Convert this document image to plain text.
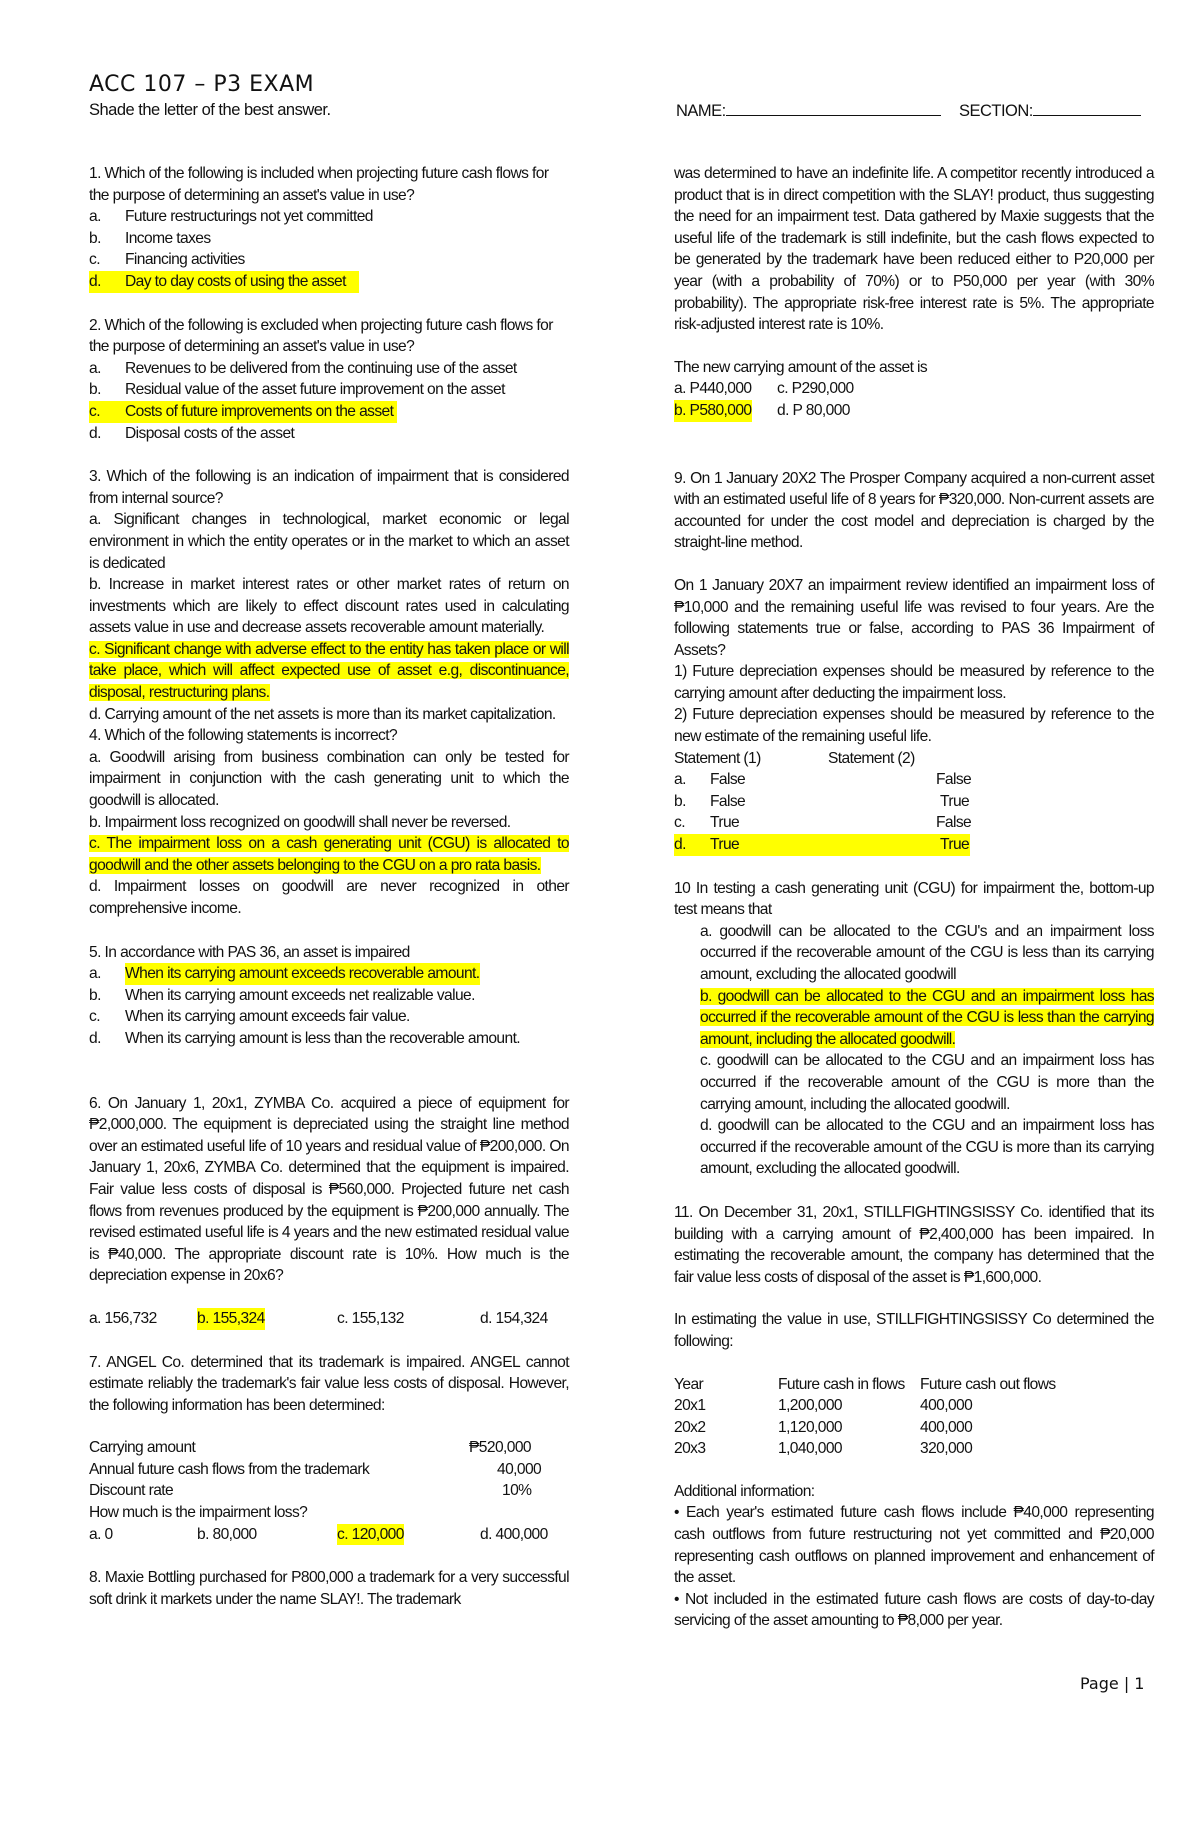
ACC 107 – P3 EXAM
Shade the letter of the best answer.	NAME:	SECTION:

1. Which of the following is included when projecting future cash flows for the purpose of determining an asset's value in use?

a.	Future restructurings not yet committed
b.	Income taxes
c.	Financing activities
d.	Day to day costs of using the asset

2. Which of the following is excluded when projecting future cash flows for the purpose of determining an asset's value in use?

a.	Revenues to be delivered from the continuing use of the asset
b.	Residual value of the asset future improvement on the asset
c.	Costs of future improvements on the asset
d.	Disposal costs of the asset

3. Which of the following is an indication of impairment that is considered from internal source?

a. Significant changes in technological, market economic or legal environment in which the entity operates or in the market to which an asset is dedicated

b. Increase in market interest rates or other market rates of return on investments which are likely to effect discount rates used in calculating assets value in use and decrease assets recoverable amount materially.

c. Significant change with adverse effect to the entity has taken place or will take place, which will affect expected use of asset e.g, discontinuance, disposal, restructuring plans.

d. Carrying amount of the net assets is more than its market capitalization.

4. Which of the following statements is incorrect?

a. Goodwill arising from business combination can only be tested for impairment in conjunction with the cash generating unit to which the goodwill is allocated.

b. Impairment loss recognized on goodwill shall never be reversed.

c. The impairment loss on a cash generating unit (CGU) is allocated to goodwill and the other assets belonging to the CGU on a pro rata basis.

d. Impairment losses on goodwill are never recognized in other comprehensive income.

5. In accordance with PAS 36, an asset is impaired

a.	When its carrying amount exceeds recoverable amount.
b.	When its carrying amount exceeds net realizable value.
c.	When its carrying amount exceeds fair value.
d.	When its carrying amount is less than the recoverable amount.

6. On January 1, 20x1, ZYMBA Co. acquired a piece of equipment for ₱2,000,000. The equipment is depreciated using the straight line method over an estimated useful life of 10 years and residual value of ₱200,000. On January 1, 20x6, ZYMBA Co. determined that the equipment is impaired. Fair value less costs of disposal is ₱560,000. Projected future net cash flows from revenues produced by the equipment is ₱200,000 annually. The revised estimated useful life is 4 years and the new estimated residual value is ₱40,000. The appropriate discount rate is 10%. How much is the depreciation expense in 20x6?

a. 156,732	b. 155,324	c. 155,132	d. 154,324

7. ANGEL Co. determined that its trademark is impaired. ANGEL cannot estimate reliably the trademark's fair value less costs of disposal. However, the following information has been determined:

Carrying amount	₱520,000
Annual future cash flows from the trademark	40,000
Discount rate	10%

How much is the impairment loss?

a. 0	b. 80,000	c. 120,000	d. 400,000

8. Maxie Bottling purchased for P800,000 a trademark for a very successful soft drink it markets under the name SLAY!. The trademark

was determined to have an indefinite life. A competitor recently introduced a product that is in direct competition with the SLAY! product, thus suggesting the need for an impairment test. Data gathered by Maxie suggests that the useful life of the trademark is still indefinite, but the cash flows expected to be generated by the trademark have been reduced either to P20,000 per year (with a probability of 70%) or to P50,000 per year (with 30% probability). The appropriate risk-free interest rate is 5%. The appropriate risk-adjusted interest rate is 10%.

The new carrying amount of the asset is

a. P440,000	c. P290,000
b. P580,000	d. P 80,000

9. On 1 January 20X2 The Prosper Company acquired a non-current asset with an estimated useful life of 8 years for ₱320,000. Non-current assets are accounted for under the cost model and depreciation is charged by the straight-line method.

On 1 January 20X7 an impairment review identified an impairment loss of ₱10,000 and the remaining useful life was revised to four years. Are the following statements true or false, according to PAS 36 Impairment of Assets?

1) Future depreciation expenses should be measured by reference to the carrying amount after deducting the impairment loss.

2) Future depreciation expenses should be measured by reference to the new estimate of the remaining useful life.

Statement (1)	Statement (2)
a.	False	False
b.	False	True
c.	True	False
d.	True	True

10 In testing a cash generating unit (CGU) for impairment the, bottom-up test means that

a. goodwill can be allocated to the CGU's and an impairment loss occurred if the recoverable amount of the CGU is less than its carrying amount, excluding the allocated goodwill

b. goodwill can be allocated to the CGU and an impairment loss has occurred if the recoverable amount of the CGU is less than the carrying amount, including the allocated goodwill.

c. goodwill can be allocated to the CGU and an impairment loss has occurred if the recoverable amount of the CGU is more than the carrying amount, including the allocated goodwill.

d. goodwill can be allocated to the CGU and an impairment loss has occurred if the recoverable amount of the CGU is more than its carrying amount, excluding the allocated goodwill.

11. On December 31, 20x1, STILLFIGHTINGSISSY Co. identified that its building with a carrying amount of ₱2,400,000 has been impaired. In estimating the recoverable amount, the company has determined that the fair value less costs of disposal of the asset is ₱1,600,000.

In estimating the value in use, STILLFIGHTINGSISSY Co determined the following:

Year	Future cash in flows Future cash out flows
20x1	1,200,000	400,000
20x2	1,120,000	400,000
20x3	1,040,000	320,000

Additional information:

• Each year's estimated future cash flows include ₱40,000 representing cash outflows from future restructuring not yet committed and ₱20,000 representing cash outflows on planned improvement and enhancement of the asset.

• Not included in the estimated future cash flows are costs of day-to-day servicing of the asset amounting to ₱8,000 per year.

Page | 1
